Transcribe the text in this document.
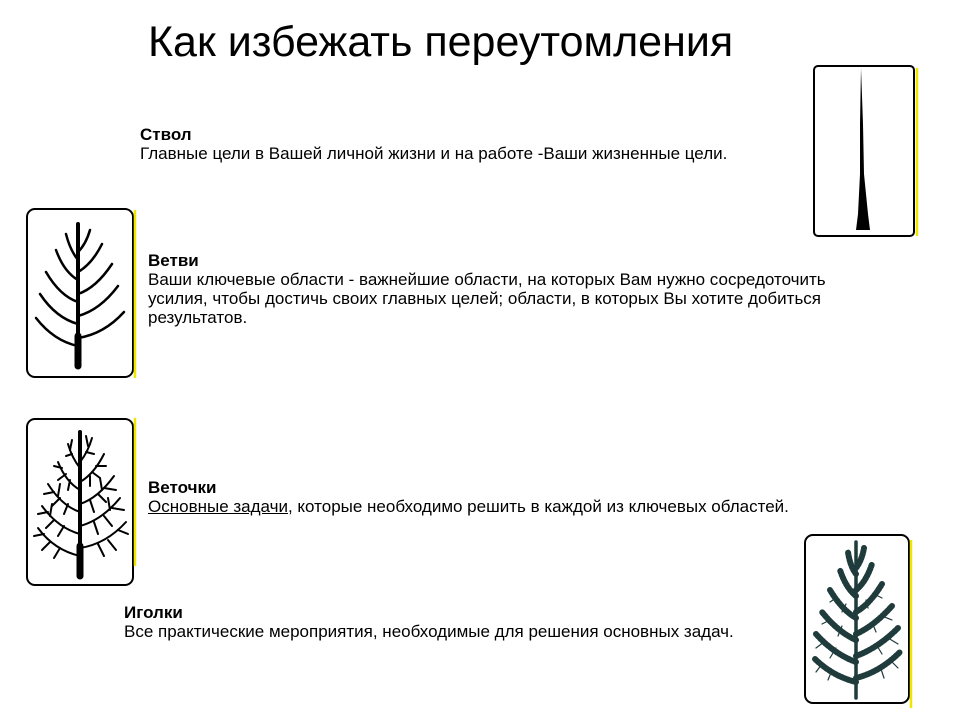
Как избежать переутомления
Ствол
Главные цели в Вашей личной жизни и на работе -Ваши жизненные цели.
Ветви
Ваши ключевые области - важнейшие области, на которых Вам нужно сосредоточить
усилия, чтобы достичь своих главных целей; области, в которых Вы хотите добиться
результатов.
Веточки
Основные задачи, которые необходимо решить в каждой из ключевых областей.
Иголки
Все практические мероприятия, необходимые для решения основных задач.
